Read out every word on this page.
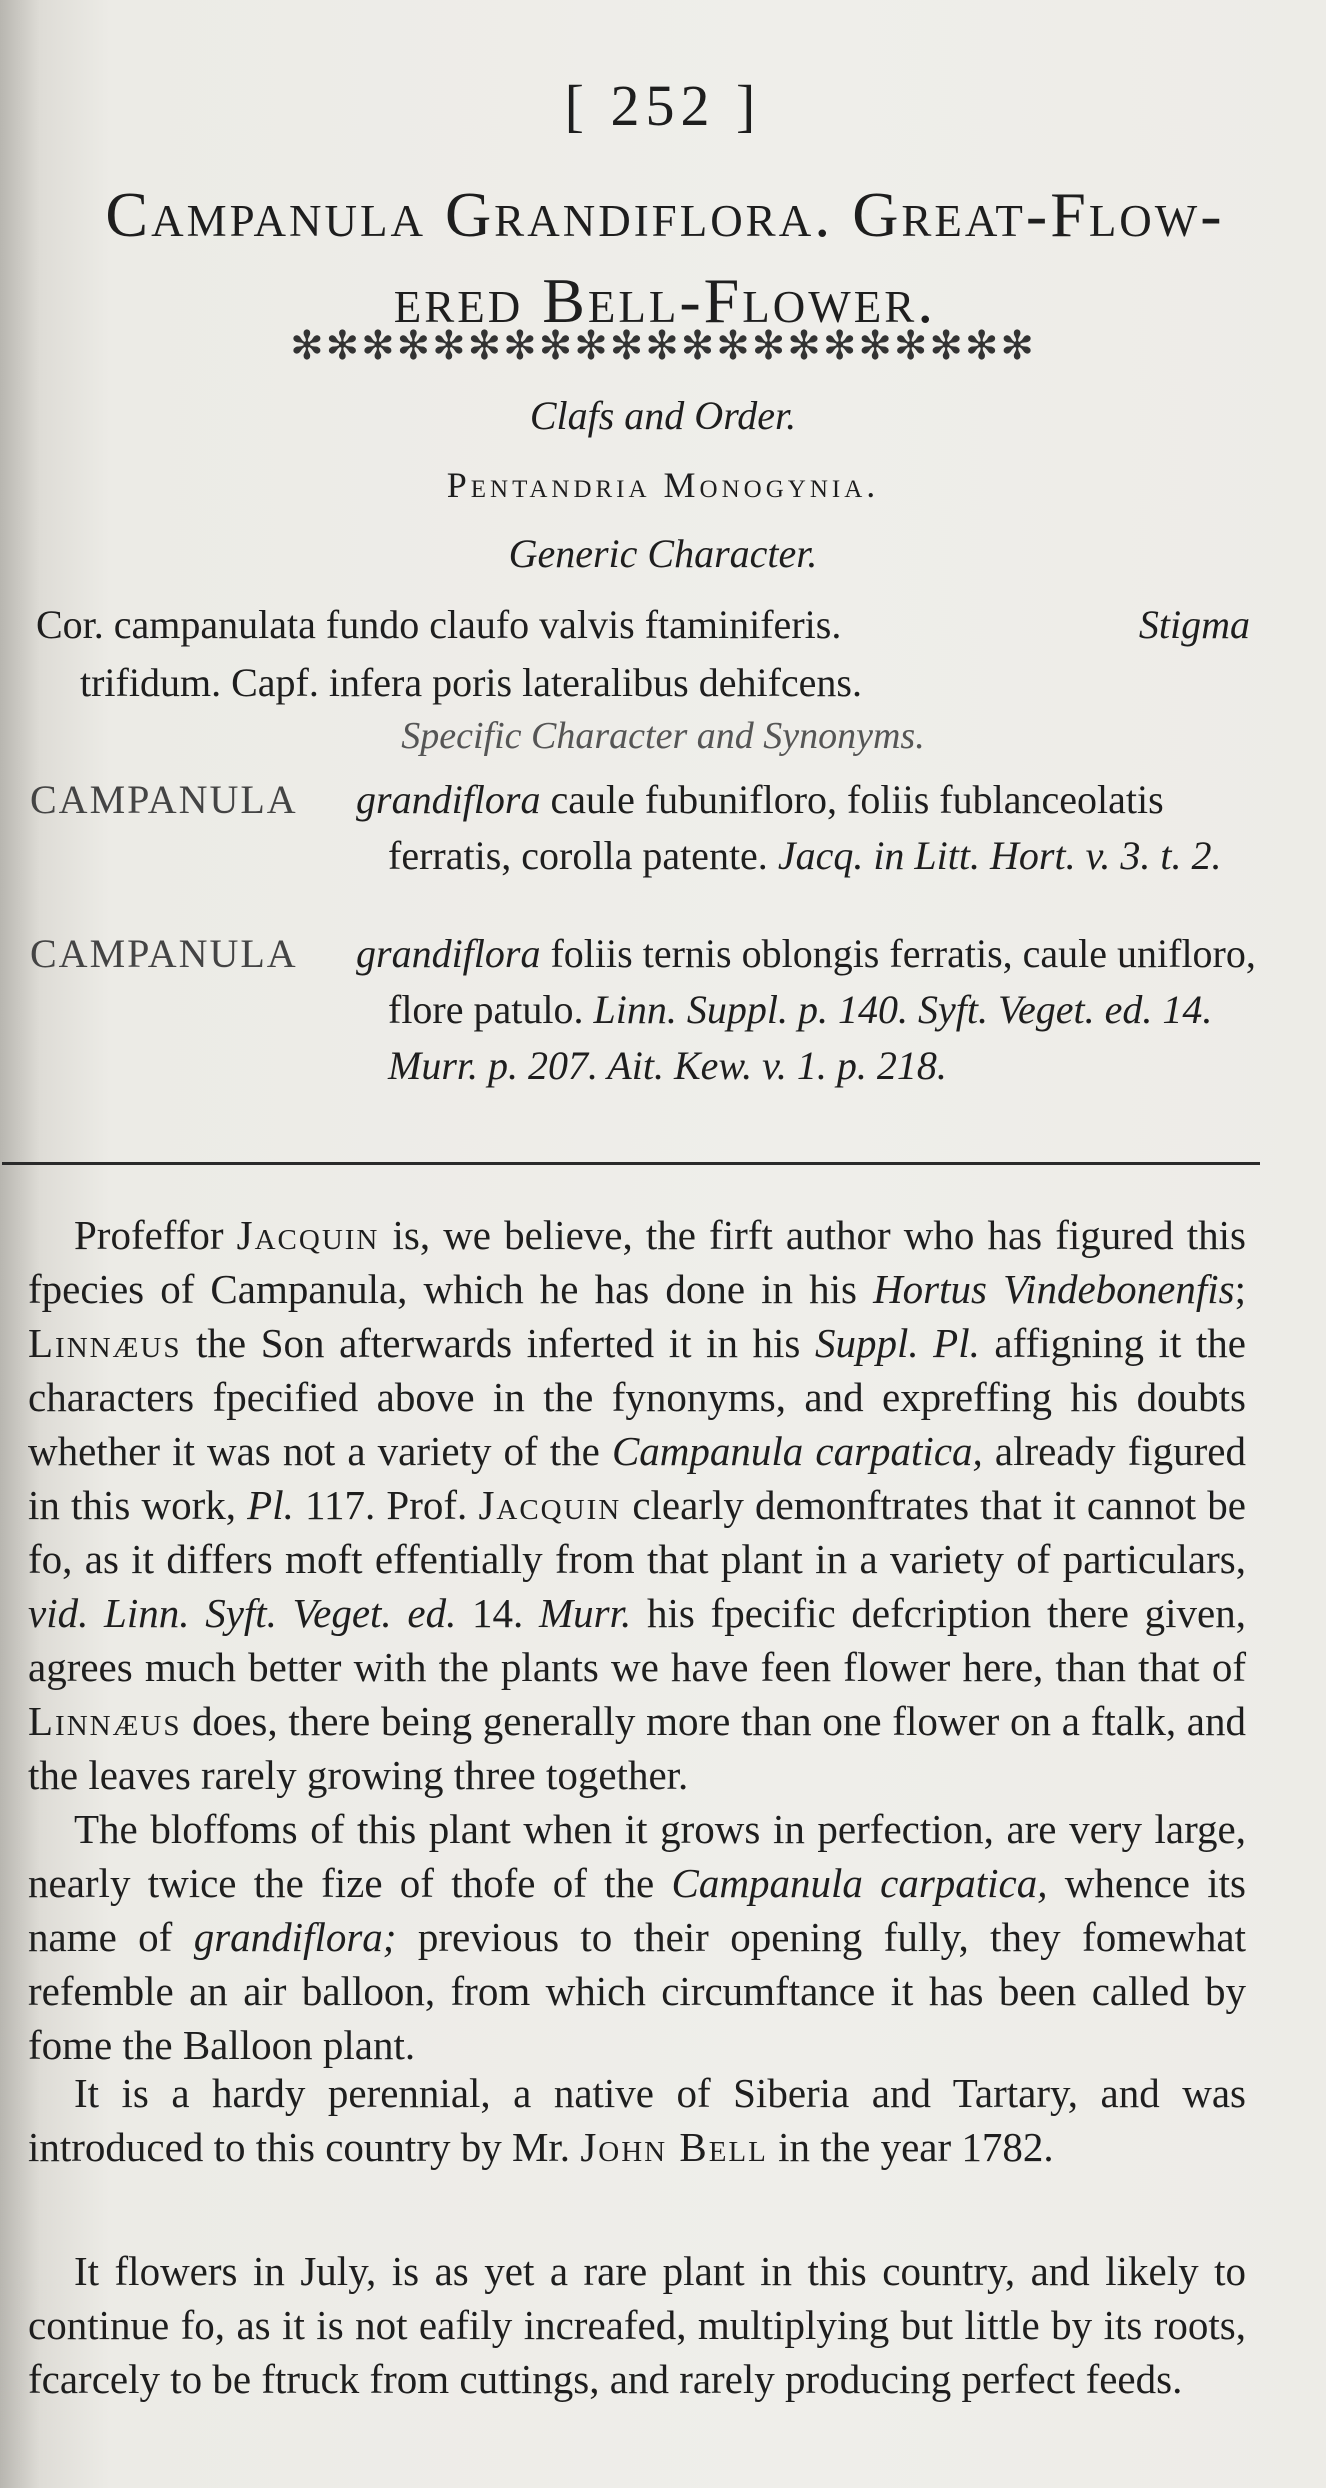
[ 252 ]
Campanula Grandiflora. Great-Flow-
ered Bell-Flower.
✻✻✻✻✻✻✻✻✻✻✻✻✻✻✻✻✻✻✻✻✻
Clafs and Order.
Pentandria Monogynia.
Generic Character.
Cor. campanulata fundo claufo valvis ftaminiferis.	Stigma
trifidum. Capf. infera poris lateralibus dehifcens.
Specific Character and Synonyms.
CAMPANULA grandiflora caule fubunifloro, foliis fublanceolatis ferratis, corolla patente. Jacq. in Litt. Hort. v. 3. t. 2.
CAMPANULA grandiflora foliis ternis oblongis ferratis, caule unifloro, flore patulo. Linn. Suppl. p. 140. Syft. Veget. ed. 14. Murr. p. 207. Ait. Kew. v. 1. p. 218.

Profeffor Jacquin is, we believe, the firft author who has figured this fpecies of Campanula, which he has done in his Hortus Vindebonenfis; Linnæus the Son afterwards inferted it in his Suppl. Pl. affigning it the characters fpecified above in the fynonyms, and expreffing his doubts whether it was not a variety of the Campanula carpatica, already figured in this work, Pl. 117. Prof. Jacquin clearly demonftrates that it cannot be fo, as it differs moft effentially from that plant in a variety of particulars, vid. Linn. Syft. Veget. ed. 14. Murr. his fpecific defcription there given, agrees much better with the plants we have feen flower here, than that of Linnæus does, there being generally more than one flower on a ftalk, and the leaves rarely growing three together.

The bloffoms of this plant when it grows in perfection, are very large, nearly twice the fize of thofe of the Campanula carpatica, whence its name of grandiflora; previous to their opening fully, they fomewhat refemble an air balloon, from which circumftance it has been called by fome the Balloon plant.

It is a hardy perennial, a native of Siberia and Tartary, and was introduced to this country by Mr. John Bell in the year 1782.

It flowers in July, is as yet a rare plant in this country, and likely to continue fo, as it is not eafily increafed, multiplying but little by its roots, fcarcely to be ftruck from cuttings, and rarely producing perfect feeds.
